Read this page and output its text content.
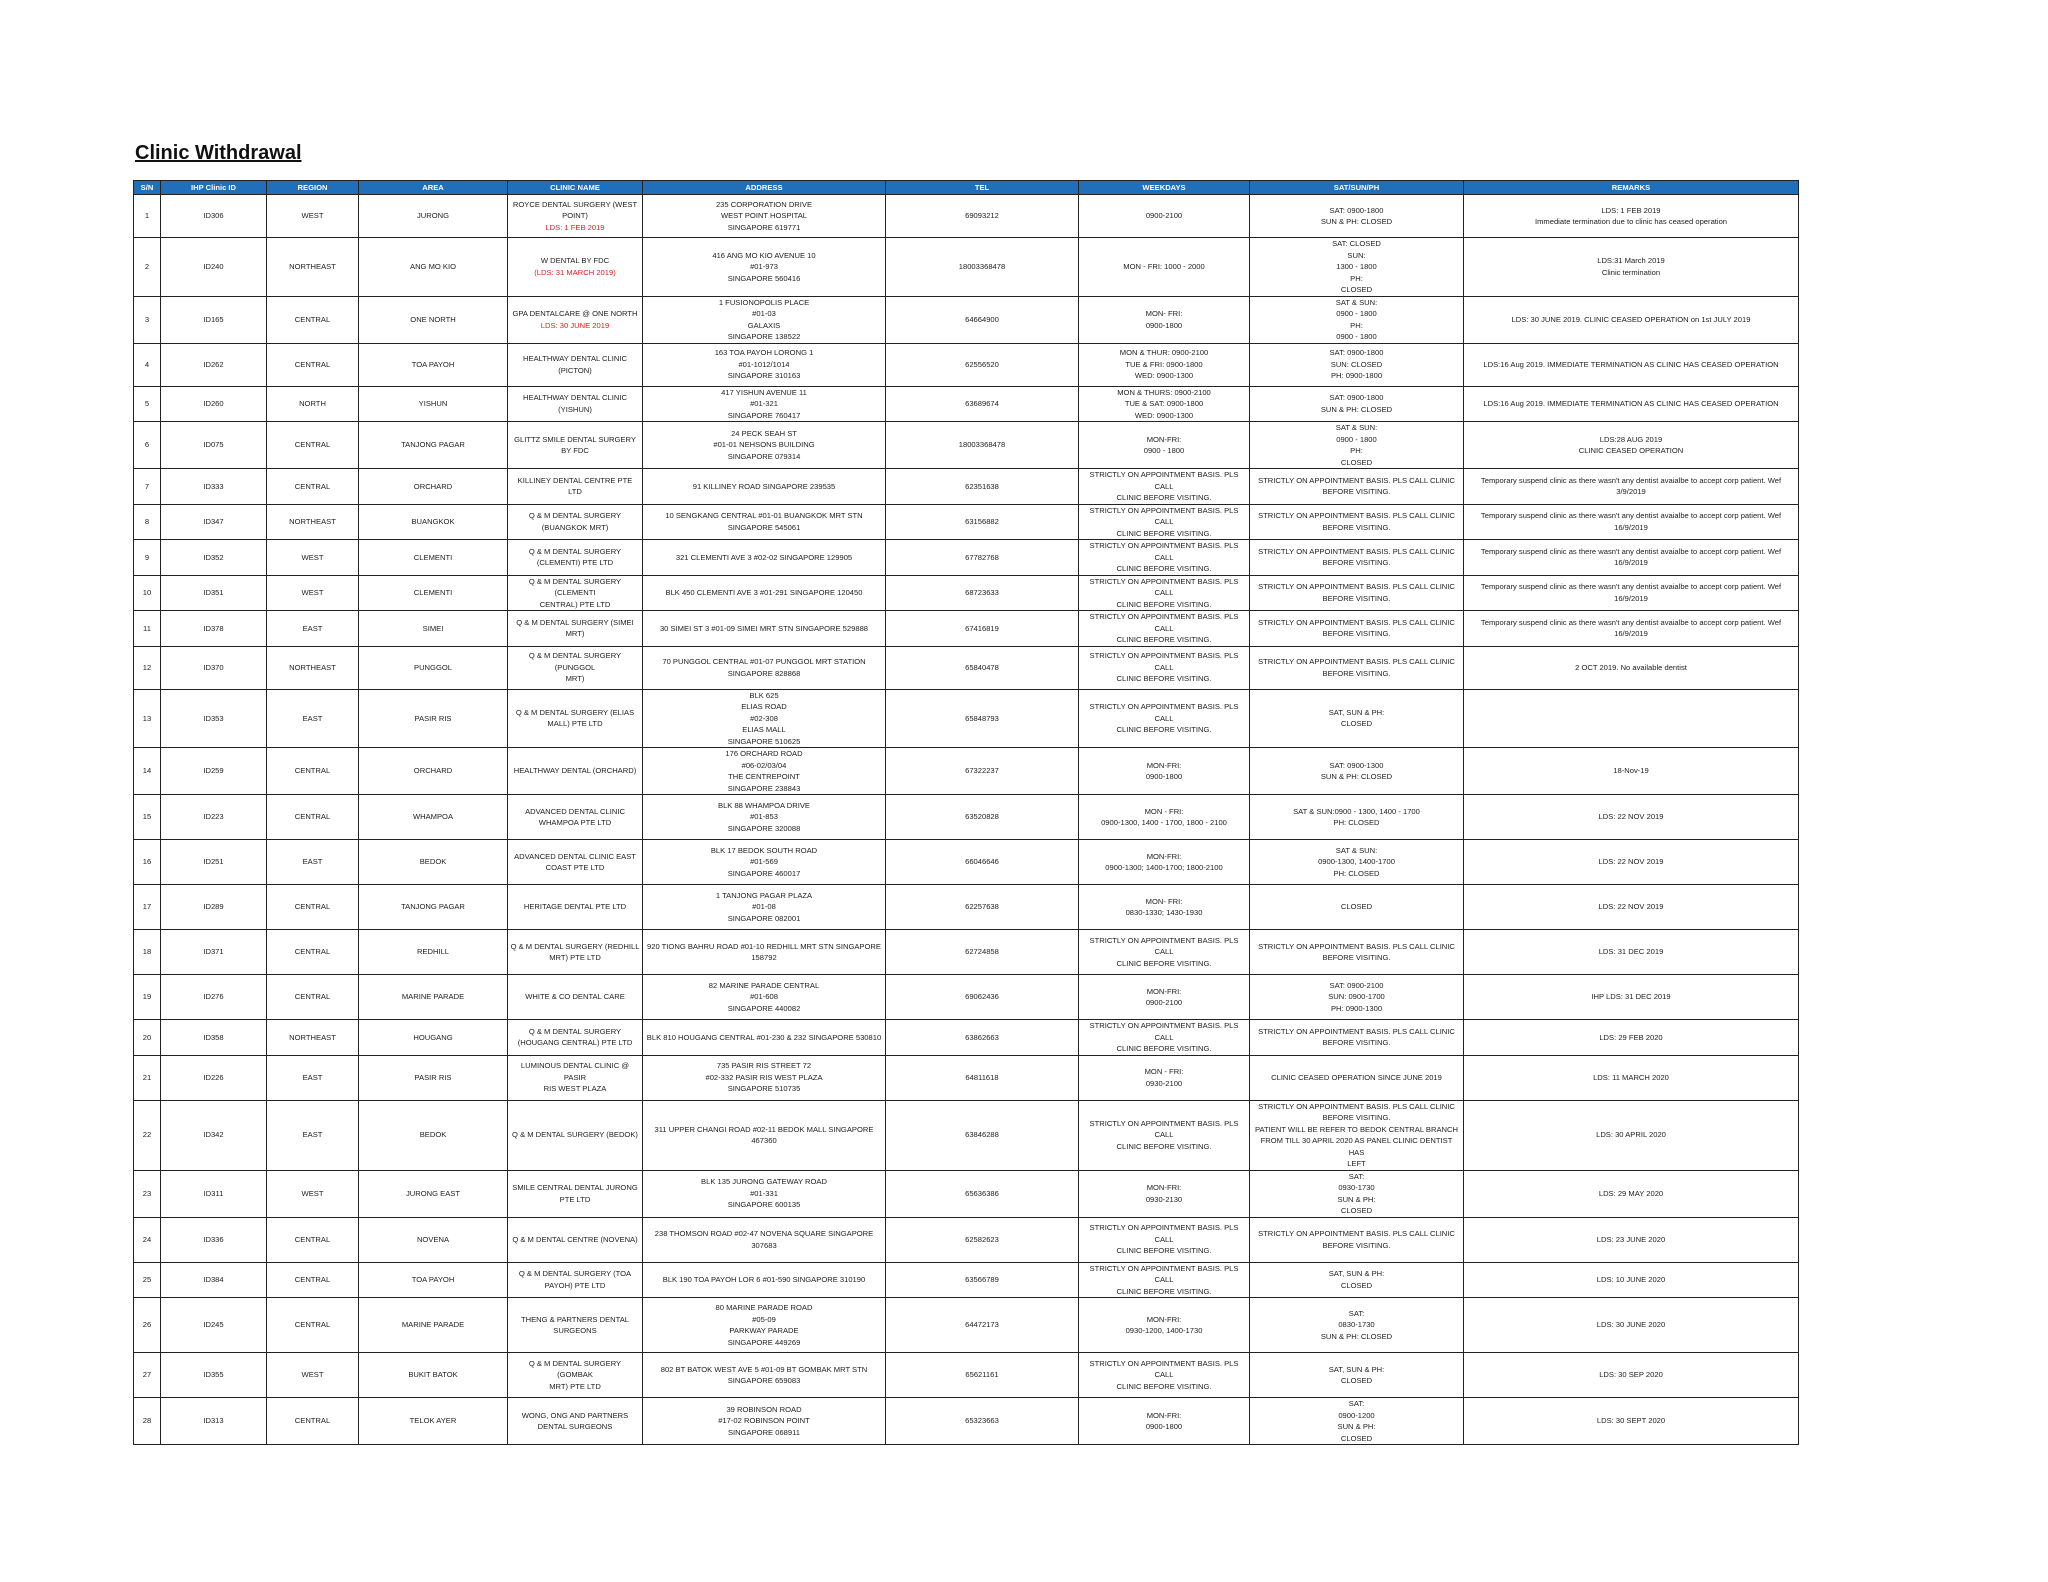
Clinic Withdrawal
S/N	IHP Clinic ID	REGION	AREA	CLINIC NAME	ADDRESS	TEL	WEEKDAYS	SAT/SUN/PH	REMARKS
1	ID306	WEST	JURONG	ROYCE DENTAL SURGERY (WEST
POINT)
LDS: 1 FEB 2019	235 CORPORATION DRIVE
WEST POINT HOSPITAL
SINGAPORE 619771	69093212	0900-2100	SAT: 0900-1800
SUN & PH: CLOSED	LDS: 1 FEB 2019
Immediate termination due to clinic has ceased operation
2	ID240	NORTHEAST	ANG MO KIO	W DENTAL BY FDC
(LDS: 31 MARCH 2019)	416 ANG MO KIO AVENUE 10
#01-973
SINGAPORE 560416	18003368478	MON - FRI: 1000 - 2000	SAT: CLOSED
SUN:
1300 - 1800
PH:
CLOSED	LDS:31 March 2019
Clinic termination
3	ID165	CENTRAL	ONE NORTH	GPA DENTALCARE @ ONE NORTH
LDS: 30 JUNE 2019	1 FUSIONOPOLIS PLACE
#01-03
GALAXIS
SINGAPORE 138522	64664900	MON- FRI:
0900-1800	SAT & SUN:
0900 - 1800
PH:
0900 - 1800	LDS: 30 JUNE 2019. CLINIC CEASED OPERATION on 1st JULY 2019
4	ID262	CENTRAL	TOA PAYOH	HEALTHWAY DENTAL CLINIC
(PICTON)	163 TOA PAYOH LORONG 1
#01-1012/1014
SINGAPORE 310163	62556520	MON & THUR: 0900-2100
TUE & FRI: 0900-1800
WED: 0900-1300	SAT: 0900-1800
SUN: CLOSED
PH: 0900-1800	LDS:16 Aug 2019. IMMEDIATE TERMINATION AS CLINIC HAS CEASED OPERATION
5	ID260	NORTH	YISHUN	HEALTHWAY DENTAL CLINIC
(YISHUN)	417 YISHUN AVENUE 11
#01-321
SINGAPORE 760417	63689674	MON & THURS: 0900-2100
TUE & SAT: 0900-1800
WED: 0900-1300	SAT: 0900-1800
SUN & PH: CLOSED	LDS:16 Aug 2019. IMMEDIATE TERMINATION AS CLINIC HAS CEASED OPERATION
6	ID075	CENTRAL	TANJONG PAGAR	GLITTZ SMILE DENTAL SURGERY BY FDC	24 PECK SEAH ST
#01-01 NEHSONS BUILDING
SINGAPORE 079314	18003368478	MON-FRI:
0900 - 1800	SAT & SUN:
0900 - 1800
PH:
CLOSED	LDS:28 AUG 2019
CLINIC CEASED OPERATION
7	ID333	CENTRAL	ORCHARD	KILLINEY DENTAL CENTRE PTE LTD	91 KILLINEY ROAD SINGAPORE 239535	62351638	STRICTLY ON APPOINTMENT BASIS. PLS CALL
CLINIC BEFORE VISITING.	STRICTLY ON APPOINTMENT BASIS. PLS CALL CLINIC
BEFORE VISITING.	Temporary suspend clinic as there wasn't any dentist avaialbe to accept corp patient. Wef
3/9/2019
8	ID347	NORTHEAST	BUANGKOK	Q & M DENTAL SURGERY
(BUANGKOK MRT)	10 SENGKANG CENTRAL #01-01 BUANGKOK MRT STN
SINGAPORE 545061	63156882	STRICTLY ON APPOINTMENT BASIS. PLS CALL
CLINIC BEFORE VISITING.	STRICTLY ON APPOINTMENT BASIS. PLS CALL CLINIC
BEFORE VISITING.	Temporary suspend clinic as there wasn't any dentist avaialbe to accept corp patient. Wef
16/9/2019
9	ID352	WEST	CLEMENTI	Q & M DENTAL SURGERY
(CLEMENTI) PTE LTD	321 CLEMENTI AVE 3 #02-02 SINGAPORE 129905	67782768	STRICTLY ON APPOINTMENT BASIS. PLS CALL
CLINIC BEFORE VISITING.	STRICTLY ON APPOINTMENT BASIS. PLS CALL CLINIC
BEFORE VISITING.	Temporary suspend clinic as there wasn't any dentist avaialbe to accept corp patient. Wef
16/9/2019
10	ID351	WEST	CLEMENTI	Q & M DENTAL SURGERY (CLEMENTI
CENTRAL) PTE LTD	BLK 450 CLEMENTI AVE 3 #01-291 SINGAPORE 120450	68723633	STRICTLY ON APPOINTMENT BASIS. PLS CALL
CLINIC BEFORE VISITING.	STRICTLY ON APPOINTMENT BASIS. PLS CALL CLINIC
BEFORE VISITING.	Temporary suspend clinic as there wasn't any dentist avaialbe to accept corp patient. Wef
16/9/2019
11	ID378	EAST	SIMEI	Q & M DENTAL SURGERY (SIMEI
MRT)	30 SIMEI ST 3 #01-09 SIMEI MRT STN SINGAPORE 529888	67416819	STRICTLY ON APPOINTMENT BASIS. PLS CALL
CLINIC BEFORE VISITING.	STRICTLY ON APPOINTMENT BASIS. PLS CALL CLINIC
BEFORE VISITING.	Temporary suspend clinic as there wasn't any dentist avaialbe to accept corp patient. Wef
16/9/2019
12	ID370	NORTHEAST	PUNGGOL	Q & M DENTAL SURGERY (PUNGGOL
MRT)	70 PUNGGOL CENTRAL #01-07 PUNGGOL MRT STATION
SINGAPORE 828868	65840478	STRICTLY ON APPOINTMENT BASIS. PLS CALL
CLINIC BEFORE VISITING.	STRICTLY ON APPOINTMENT BASIS. PLS CALL CLINIC
BEFORE VISITING.	2 OCT 2019. No available dentist
13	ID353	EAST	PASIR RIS	Q & M DENTAL SURGERY (ELIAS
MALL) PTE LTD	BLK 625
ELIAS ROAD
#02-308
ELIAS MALL
SINGAPORE 510625	65848793	STRICTLY ON APPOINTMENT BASIS. PLS CALL
CLINIC BEFORE VISITING.	SAT, SUN & PH:
CLOSED	
14	ID259	CENTRAL	ORCHARD	HEALTHWAY DENTAL (ORCHARD)	176 ORCHARD ROAD
#06-02/03/04
THE CENTREPOINT
SINGAPORE 238843	67322237	MON-FRI:
0900-1800	SAT: 0900-1300
SUN & PH: CLOSED	18-Nov-19
15	ID223	CENTRAL	WHAMPOA	ADVANCED DENTAL CLINIC
WHAMPOA PTE LTD	BLK 88 WHAMPOA DRIVE
#01-853
SINGAPORE 320088	63520828	MON - FRI:
0900-1300, 1400 - 1700, 1800 - 2100	SAT & SUN:0900 - 1300, 1400 - 1700
PH: CLOSED	LDS: 22 NOV 2019
16	ID251	EAST	BEDOK	ADVANCED DENTAL CLINIC EAST
COAST PTE LTD	BLK 17 BEDOK SOUTH ROAD
#01-569
SINGAPORE 460017	66046646	MON-FRI:
0900-1300; 1400-1700; 1800-2100	SAT & SUN:
0900-1300, 1400-1700
PH: CLOSED	LDS: 22 NOV 2019
17	ID289	CENTRAL	TANJONG PAGAR	HERITAGE DENTAL PTE LTD	1 TANJONG PAGAR PLAZA
#01-08
SINGAPORE 082001	62257638	MON- FRI:
0830-1330; 1430-1930	CLOSED	LDS: 22 NOV 2019
18	ID371	CENTRAL	REDHILL	Q & M DENTAL SURGERY (REDHILL
MRT) PTE LTD	920 TIONG BAHRU ROAD #01-10 REDHILL MRT STN SINGAPORE
158792	62724858	STRICTLY ON APPOINTMENT BASIS. PLS CALL
CLINIC BEFORE VISITING.	STRICTLY ON APPOINTMENT BASIS. PLS CALL CLINIC
BEFORE VISITING.	LDS: 31 DEC 2019
19	ID276	CENTRAL	MARINE PARADE	WHITE & CO DENTAL CARE	82 MARINE PARADE CENTRAL
#01-608
SINGAPORE 440082	69062436	MON-FRI:
0900-2100	SAT: 0900-2100
SUN: 0900-1700
PH: 0900-1300	IHP LDS: 31 DEC 2019
20	ID358	NORTHEAST	HOUGANG	Q & M DENTAL SURGERY
(HOUGANG CENTRAL) PTE LTD	BLK 810 HOUGANG CENTRAL #01-230 & 232 SINGAPORE 530810	63862663	STRICTLY ON APPOINTMENT BASIS. PLS CALL
CLINIC BEFORE VISITING.	STRICTLY ON APPOINTMENT BASIS. PLS CALL CLINIC
BEFORE VISITING.	LDS: 29 FEB 2020
21	ID226	EAST	PASIR RIS	LUMINOUS DENTAL CLINIC @ PASIR
RIS WEST PLAZA	735 PASIR RIS STREET 72
#02-332 PASIR RIS WEST PLAZA
SINGAPORE 510735	64811618	MON - FRI:
0930-2100	CLINIC CEASED OPERATION SINCE JUNE 2019	LDS: 11 MARCH 2020
22	ID342	EAST	BEDOK	Q & M DENTAL SURGERY (BEDOK)	311 UPPER CHANGI ROAD #02-11 BEDOK MALL SINGAPORE
467360	63846288	STRICTLY ON APPOINTMENT BASIS. PLS CALL
CLINIC BEFORE VISITING.	STRICTLY ON APPOINTMENT BASIS. PLS CALL CLINIC
BEFORE VISITING.
PATIENT WILL BE REFER TO BEDOK CENTRAL BRANCH
FROM TILL 30 APRIL 2020 AS PANEL CLINIC DENTIST HAS
LEFT	LDS: 30 APRIL 2020
23	ID311	WEST	JURONG EAST	SMILE CENTRAL DENTAL JURONG
PTE LTD	BLK 135 JURONG GATEWAY ROAD
#01-331
SINGAPORE 600135	65636386	MON-FRI:
0930-2130	SAT:
0930-1730
SUN & PH:
CLOSED	LDS: 29 MAY 2020
24	ID336	CENTRAL	NOVENA	Q & M DENTAL CENTRE (NOVENA)	238 THOMSON ROAD #02-47 NOVENA SQUARE SINGAPORE
307683	62582623	STRICTLY ON APPOINTMENT BASIS. PLS CALL
CLINIC BEFORE VISITING.	STRICTLY ON APPOINTMENT BASIS. PLS CALL CLINIC
BEFORE VISITING.	LDS: 23 JUNE 2020
25	ID384	CENTRAL	TOA PAYOH	Q & M DENTAL SURGERY (TOA
PAYOH) PTE LTD	BLK 190 TOA PAYOH LOR 6 #01-590 SINGAPORE 310190	63566789	STRICTLY ON APPOINTMENT BASIS. PLS CALL
CLINIC BEFORE VISITING.	SAT, SUN & PH:
CLOSED	LDS: 10 JUNE 2020
26	ID245	CENTRAL	MARINE PARADE	THENG & PARTNERS DENTAL
SURGEONS	80 MARINE PARADE ROAD
#05-09
PARKWAY PARADE
SINGAPORE 449269	64472173	MON-FRI:
0930-1200, 1400-1730	SAT:
0830-1730
SUN & PH: CLOSED	LDS: 30 JUNE 2020
27	ID355	WEST	BUKIT BATOK	Q & M DENTAL SURGERY (GOMBAK
MRT) PTE LTD	802 BT BATOK WEST AVE 5 #01-09 BT GOMBAK MRT STN
SINGAPORE 659083	65621161	STRICTLY ON APPOINTMENT BASIS. PLS CALL
CLINIC BEFORE VISITING.	SAT, SUN & PH:
CLOSED	LDS: 30 SEP 2020
28	ID313	CENTRAL	TELOK AYER	WONG, ONG AND PARTNERS
DENTAL SURGEONS	39 ROBINSON ROAD
#17-02 ROBINSON POINT
SINGAPORE 068911	65323663	MON-FRI:
0900-1800	SAT:
0900-1200
SUN & PH:
CLOSED	LDS: 30 SEPT 2020
